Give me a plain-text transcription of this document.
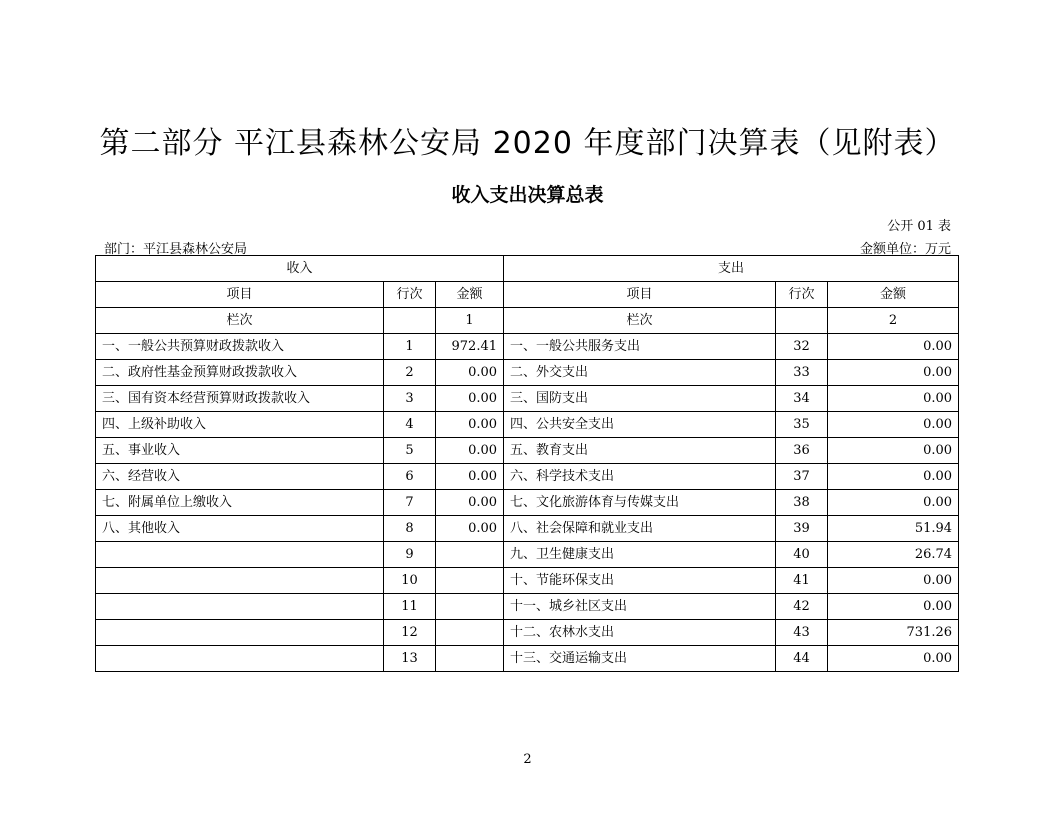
第二部分 平江县森林公安局 2020 年度部门决算表（见附表）
收入支出决算总表
公开 01 表
部门：平江县森林公安局	金额单位：万元
收入			支出		
项目	行次	金额	项目	行次	金额
栏次		1	栏次		2
一、一般公共预算财政拨款收入	1	972.41	一、一般公共服务支出	32	0.00
二、政府性基金预算财政拨款收入	2	0.00	二、外交支出	33	0.00
三、国有资本经营预算财政拨款收入	3	0.00	三、国防支出	34	0.00
四、上级补助收入	4	0.00	四、公共安全支出	35	0.00
五、事业收入	5	0.00	五、教育支出	36	0.00
六、经营收入	6	0.00	六、科学技术支出	37	0.00
七、附属单位上缴收入	7	0.00	七、文化旅游体育与传媒支出	38	0.00
八、其他收入	8	0.00	八、社会保障和就业支出	39	51.94
	9		九、卫生健康支出	40	26.74
	10		十、节能环保支出	41	0.00
	11		十一、城乡社区支出	42	0.00
	12		十二、农林水支出	43	731.26
	13		十三、交通运输支出	44	0.00
2
